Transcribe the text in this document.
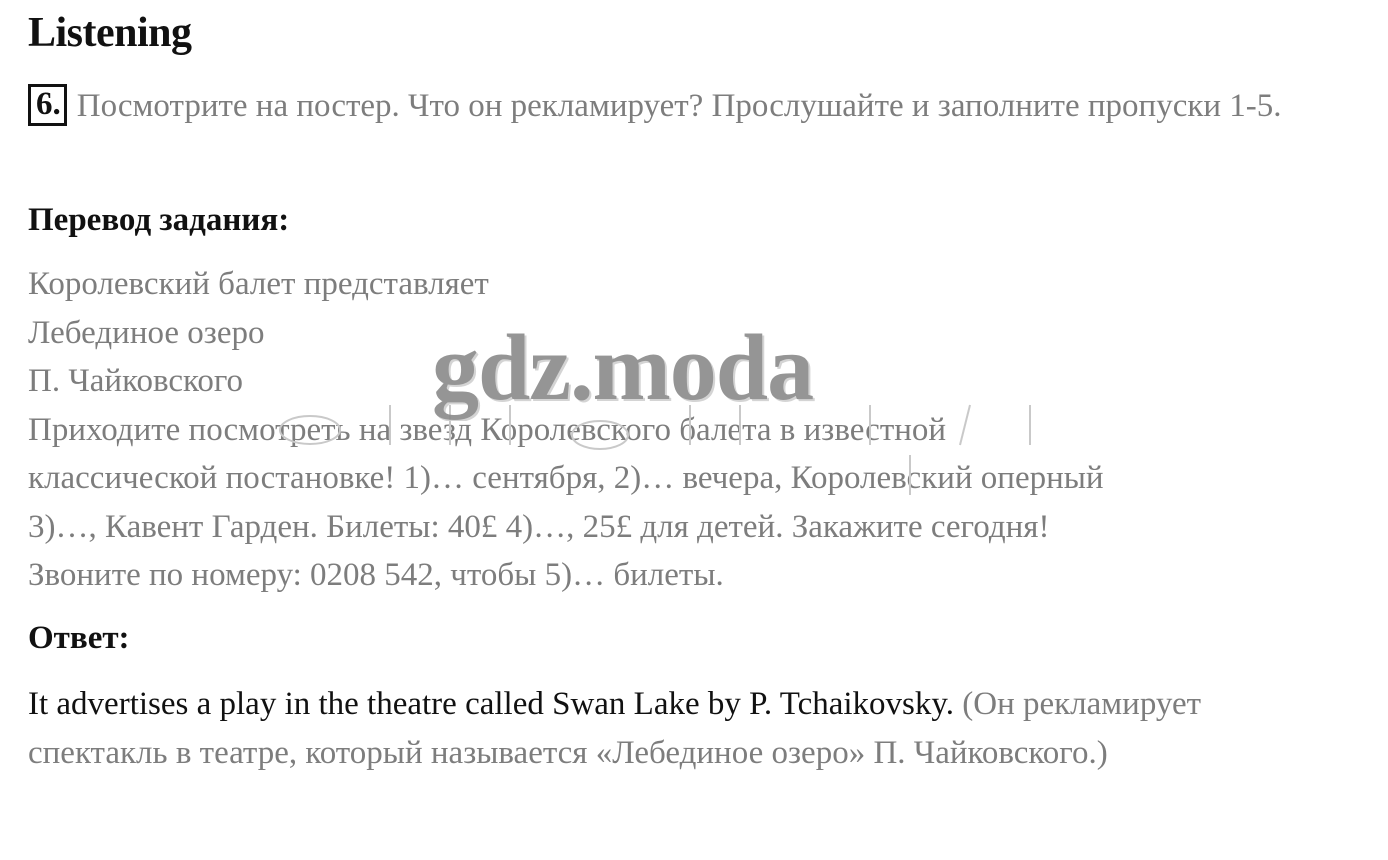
Listening
6. Посмотрите на постер. Что он рекламирует? Прослушайте и заполните пропуски 1-5.
Перевод задания:
Королевский балет представляет
Лебединое озеро
П. Чайковского
Приходите посмотреть на звезд Королевского балета в известной
классической постановке! 1)… сентября, 2)… вечера, Королевский оперный
3)…, Кавент Гарден. Билеты: 40£ 4)…, 25£ для детей. Закажите сегодня!
Звоните по номеру: 0208 542, чтобы 5)… билеты.
Ответ:
It advertises a play in the theatre called Swan Lake by P. Tchaikovsky. (Он рекламирует спектакль в театре, который называется «Лебединое озеро» П. Чайковского.)
gdz.moda
